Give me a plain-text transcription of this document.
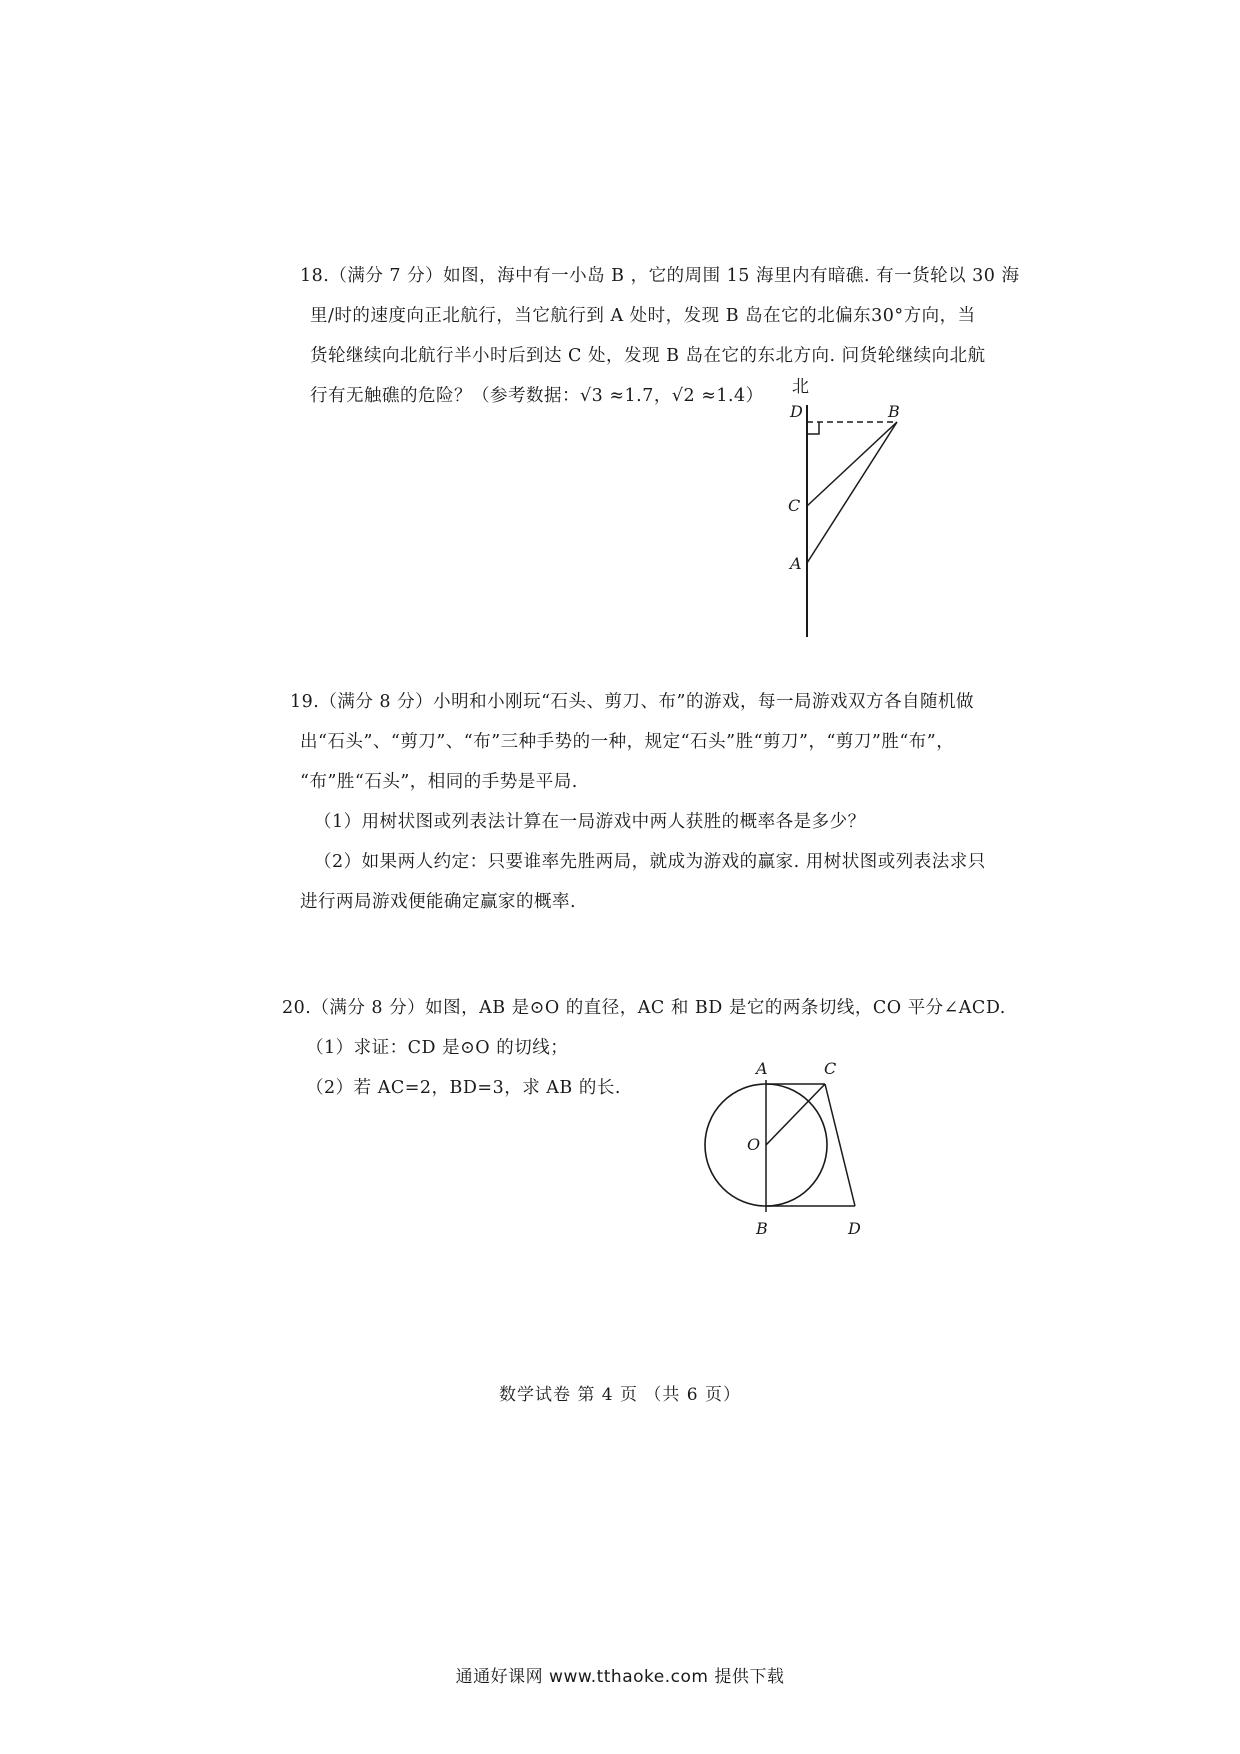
18.（满分 7 分）如图，海中有一小岛 B ，它的周围 15 海里内有暗礁. 有一货轮以 30 海

里/时的速度向正北航行，当它航行到 A 处时，发现 B 岛在它的北偏东30°方向，当

货轮继续向北航行半小时后到达 C 处，发现 B 岛在它的东北方向. 问货轮继续向北航

行有无触礁的危险？（参考数据：√3 ≈1.7，√2 ≈1.4）

D	B
C
A
北

19.（满分 8 分）小明和小刚玩“石头、剪刀、布”的游戏，每一局游戏双方各自随机做

出“石头”、“剪刀”、“布”三种手势的一种，规定“石头”胜“剪刀”，“剪刀”胜“布”，

“布”胜“石头”，相同的手势是平局.

（1）用树状图或列表法计算在一局游戏中两人获胜的概率各是多少？

（2）如果两人约定：只要谁率先胜两局，就成为游戏的赢家. 用树状图或列表法求只

进行两局游戏便能确定赢家的概率.

20.（满分 8 分）如图，AB 是⊙O 的直径，AC 和 BD 是它的两条切线，CO 平分∠ACD.

（1）求证：CD 是⊙O 的切线；

（2）若 AC=2，BD=3，求 AB 的长.

A	C
O
B	D
数学试卷 第 4 页 （共 6 页）
通通好课网 www.tthaoke.com 提供下载
